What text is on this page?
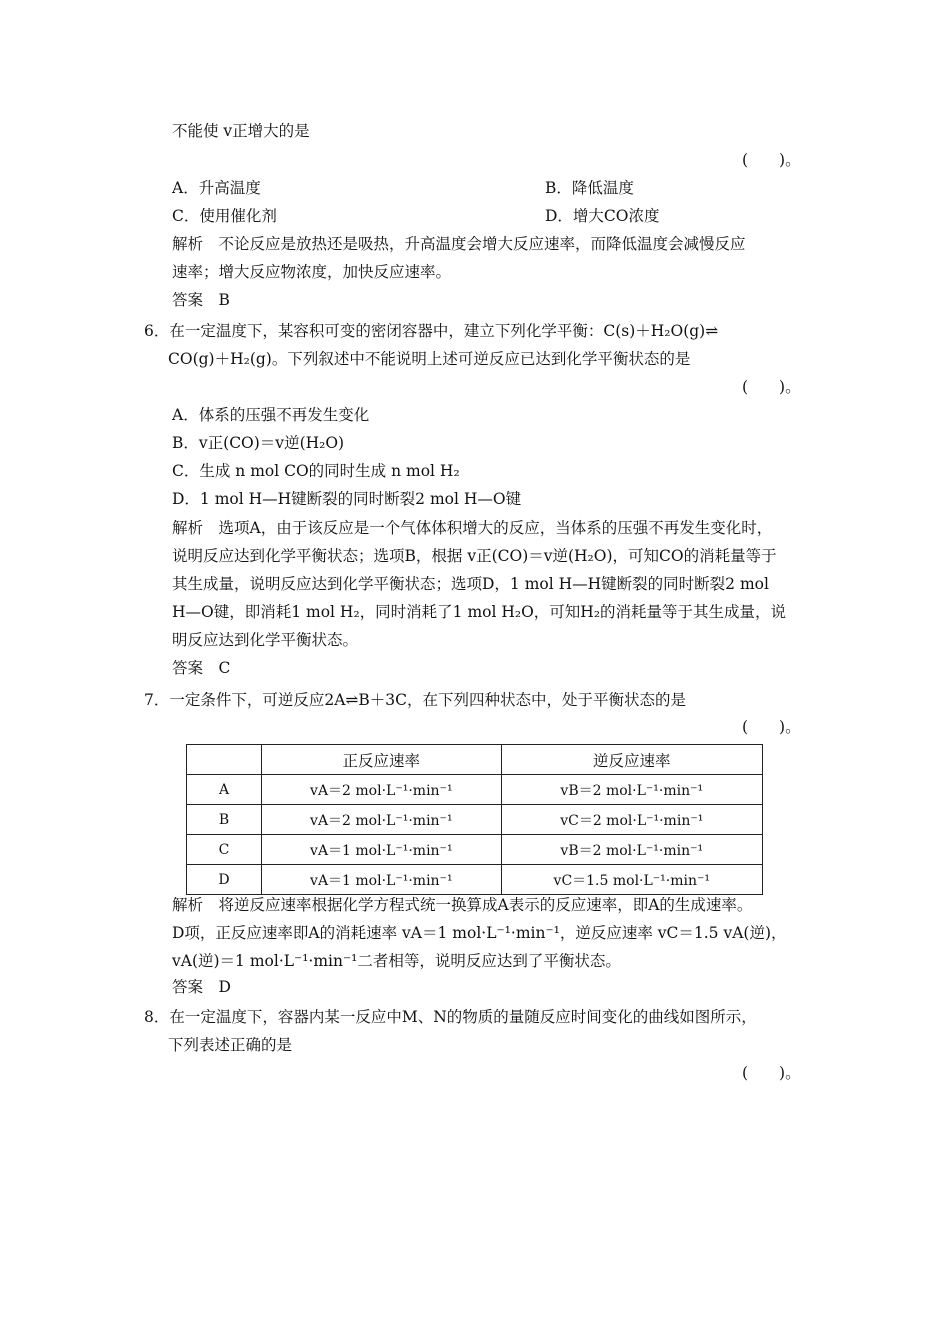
不能使 v正增大的是
(　　)。
A．升高温度	B．降低温度
C．使用催化剂	D．增大CO浓度
解析　不论反应是放热还是吸热，升高温度会增大反应速率，而降低温度会减慢反应
速率；增大反应物浓度，加快反应速率。
答案　B
6．在一定温度下，某容积可变的密闭容器中，建立下列化学平衡：C(s)＋H₂O(g)⇌
CO(g)＋H₂(g)。下列叙述中不能说明上述可逆反应已达到化学平衡状态的是
(　　)。
A．体系的压强不再发生变化
B．v正(CO)＝v逆(H₂O)
C．生成 n mol CO的同时生成 n mol H₂
D．1 mol H—H键断裂的同时断裂2 mol H—O键
解析　选项A，由于该反应是一个气体体积增大的反应，当体系的压强不再发生变化时，
说明反应达到化学平衡状态；选项B，根据 v正(CO)＝v逆(H₂O)，可知CO的消耗量等于
其生成量，说明反应达到化学平衡状态；选项D，1 mol H—H键断裂的同时断裂2 mol
H—O键，即消耗1 mol H₂，同时消耗了1 mol H₂O，可知H₂的消耗量等于其生成量，说
明反应达到化学平衡状态。
答案　C
7．一定条件下，可逆反应2A⇌B＋3C，在下列四种状态中，处于平衡状态的是
(　　)。
	正反应速率	逆反应速率
A	vA＝2 mol·L⁻¹·min⁻¹	vB＝2 mol·L⁻¹·min⁻¹
B	vA＝2 mol·L⁻¹·min⁻¹	vC＝2 mol·L⁻¹·min⁻¹
C	vA＝1 mol·L⁻¹·min⁻¹	vB＝2 mol·L⁻¹·min⁻¹
D	vA＝1 mol·L⁻¹·min⁻¹	vC＝1.5 mol·L⁻¹·min⁻¹
解析　将逆反应速率根据化学方程式统一换算成A表示的反应速率，即A的生成速率。
D项，正反应速率即A的消耗速率 vA＝1 mol·L⁻¹·min⁻¹，逆反应速率 vC＝1.5 vA(逆)，
vA(逆)＝1 mol·L⁻¹·min⁻¹二者相等，说明反应达到了平衡状态。
答案　D
8．在一定温度下，容器内某一反应中M、N的物质的量随反应时间变化的曲线如图所示，
下列表述正确的是
(　　)。
